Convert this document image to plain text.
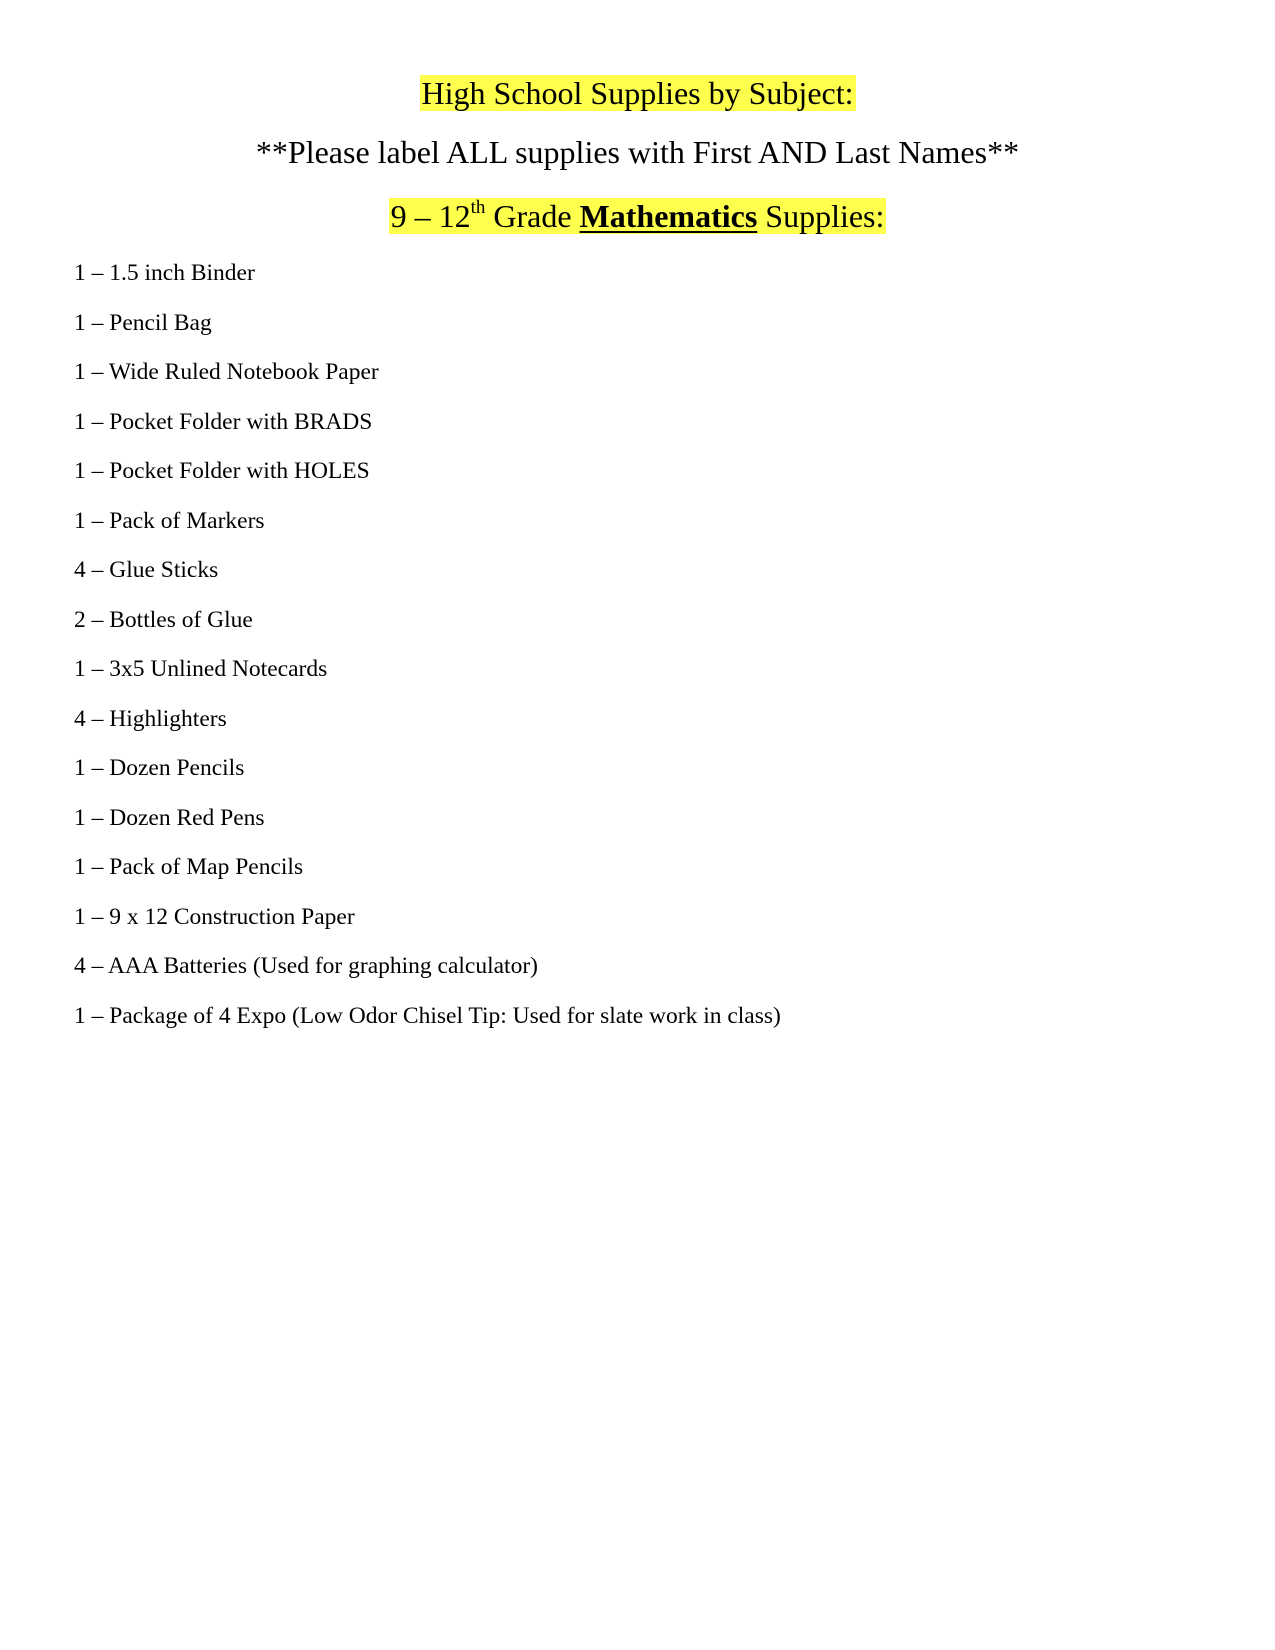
High School Supplies by Subject:
**Please label ALL supplies with First AND Last Names**
9 – 12th Grade Mathematics Supplies:
1 – 1.5 inch Binder
1 – Pencil Bag
1 – Wide Ruled Notebook Paper
1 – Pocket Folder with BRADS
1 – Pocket Folder with HOLES
1 – Pack of Markers
4 – Glue Sticks
2 – Bottles of Glue
1 – 3x5 Unlined Notecards
4 – Highlighters
1 – Dozen Pencils
1 – Dozen Red Pens
1 – Pack of Map Pencils
1 – 9 x 12 Construction Paper
4 – AAA Batteries (Used for graphing calculator)
1 – Package of 4 Expo (Low Odor Chisel Tip: Used for slate work in class)
